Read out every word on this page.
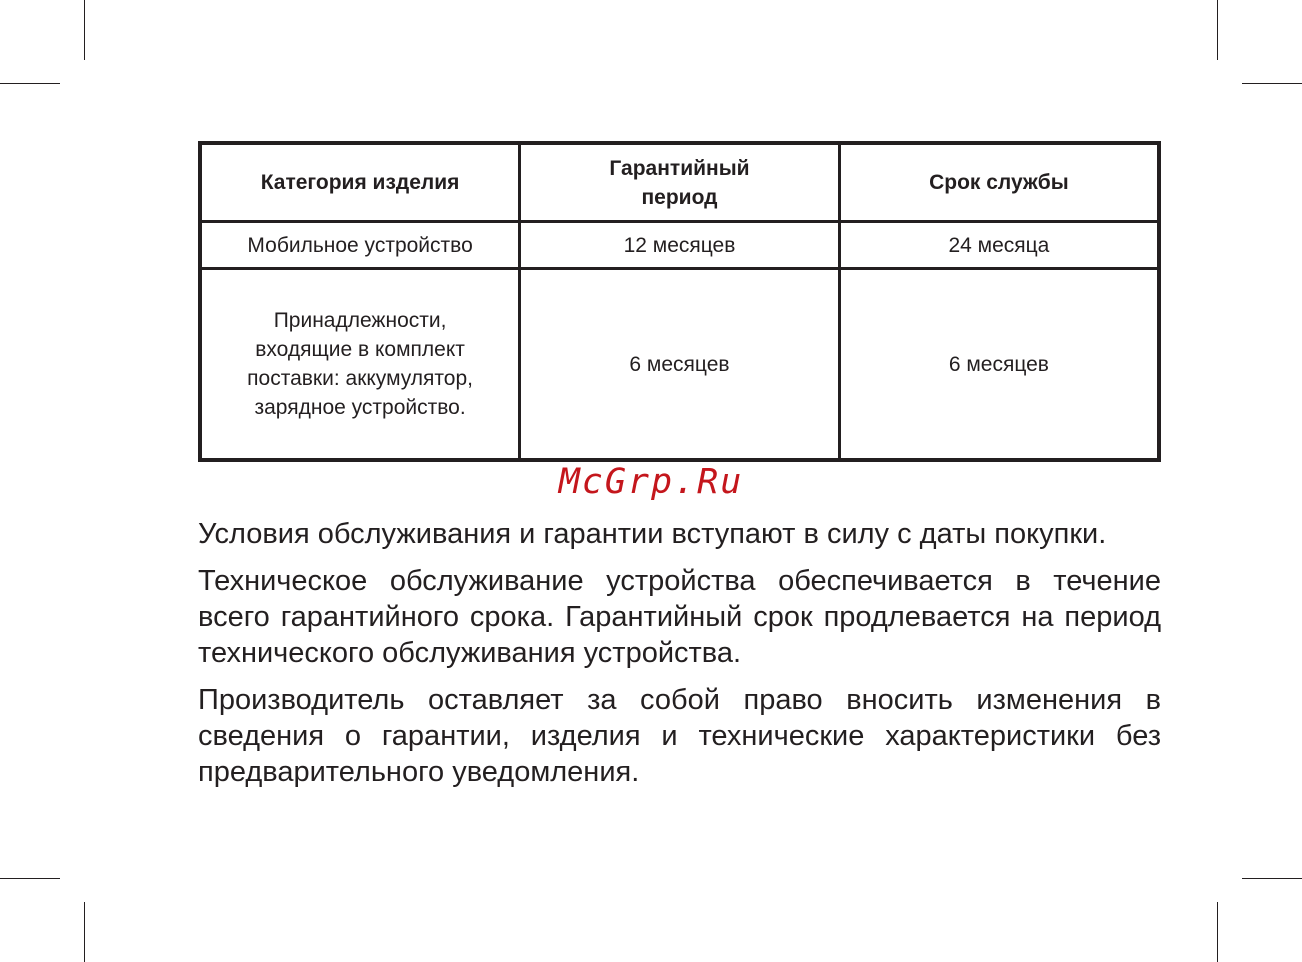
Категория изделия	Гарантийный период	Срок службы
Мобильное устройство	12 месяцев	24 месяца
Принадлежности, входящие в комплект поставки: аккумулятор, зарядное устройство.	6 месяцев	6 месяцев
McGrp.Ru

Условия обслуживания и гарантии вступают в силу с даты покупки.

Техническое обслуживание устройства обеспечивается в течение всего гарантийного срока. Гарантийный срок продлевается на период технического обслуживания устройства.

Производитель оставляет за собой право вносить изменения в сведения о гарантии, изделия и технические характеристики без предварительного уведомления.
